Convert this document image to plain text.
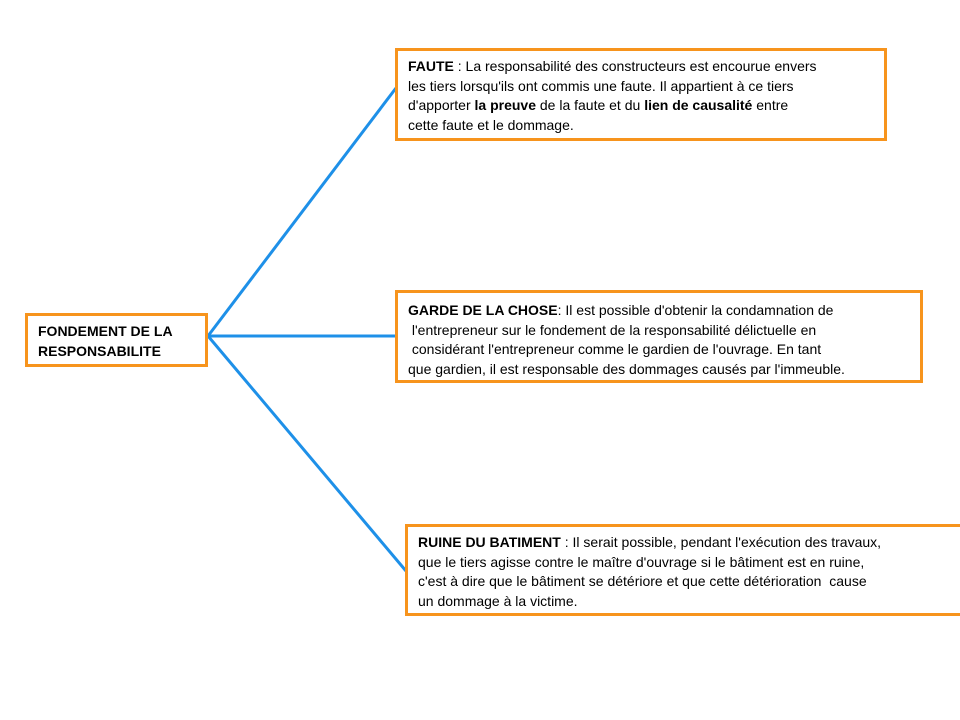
FONDEMENT DE LA
RESPONSABILITE
FAUTE : La responsabilité des constructeurs est encourue envers
les tiers lorsqu'ils ont commis une faute. Il appartient à ce tiers
d'apporter la preuve de la faute et du lien de causalité entre
cette faute et le dommage.
GARDE DE LA CHOSE: Il est possible d'obtenir la condamnation de
l'entrepreneur sur le fondement de la responsabilité délictuelle en
considérant l'entrepreneur comme le gardien de l'ouvrage. En tant
que gardien, il est responsable des dommages causés par l'immeuble.
RUINE DU BATIMENT : Il serait possible, pendant l'exécution des travaux,
que le tiers agisse contre le maître d'ouvrage si le bâtiment est en ruine,
c'est à dire que le bâtiment se détériore et que cette détérioration  cause
un dommage à la victime.
